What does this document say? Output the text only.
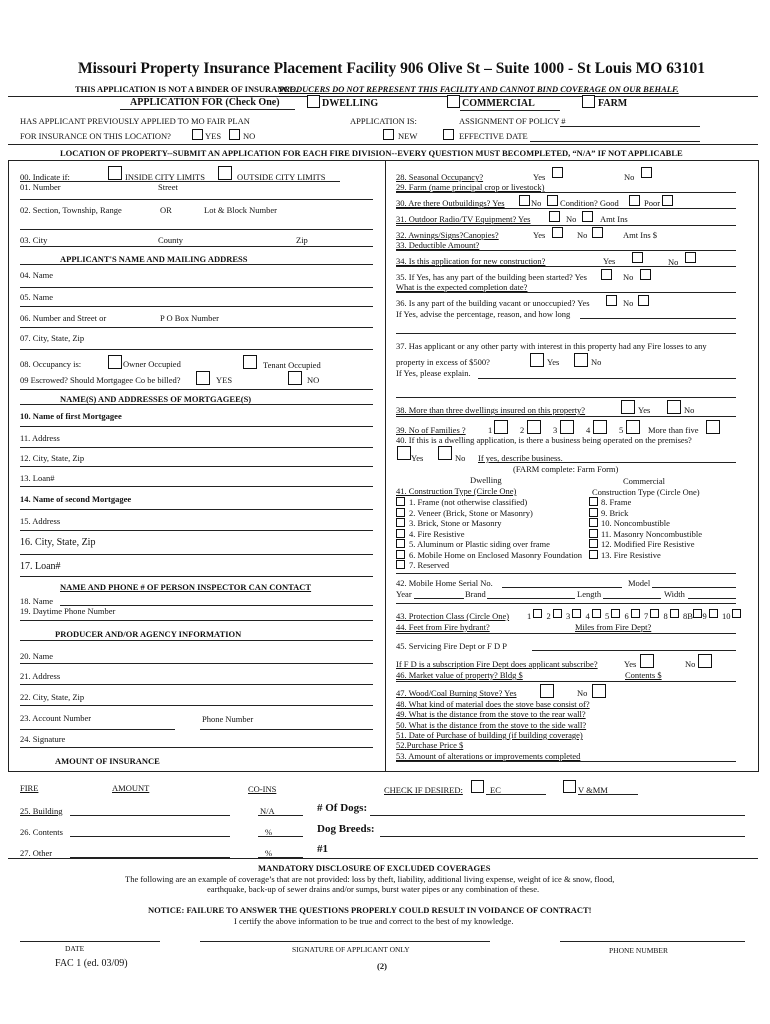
Missouri Property Insurance Placement Facility 906 Olive St – Suite 1000 - St Louis MO 63101
THIS APPLICATION IS NOT A BINDER OF INSURANCE.
PRODUCERS DO NOT REPRESENT THIS FACILITY AND CANNOT BIND COVERAGE ON OUR BEHALF.
APPLICATION FOR (Check One)	DWELLING	COMMERCIAL	FARM
HAS APPLICANT PREVIOUSLY APPLIED TO MO FAIR PLAN	APPLICATION IS:	ASSIGNMENT OF POLICY #
FOR INSURANCE ON THIS LOCATION?	YES	NO	NEW	EFFECTIVE DATE
LOCATION OF PROPERTY--SUBMIT AN APPLICATION FOR EACH FIRE DIVISION--EVERY QUESTION MUST BECOMPLETED, “N/A” IF NOT APPLICABLE
00. Indicate if:	INSIDE CITY LIMITS	OUTSIDE CITY LIMITS
01. Number	Street
02. Section, Township, Range	OR	Lot & Block Number
03. City	County	Zip
APPLICANT'S NAME AND MAILING ADDRESS
04. Name
05. Name
06. Number and Street or	P O Box Number
07. City, State, Zip
08. Occupancy is:	Owner Occupied	Tenant Occupied
09 Escrowed? Should Mortgagee Co be billed?	YES	NO
NAME(S) AND ADDRESSES OF MORTGAGEE(S)
10. Name of first Mortgagee
11. Address
12. City, State, Zip
13. Loan#
14. Name of second Mortgagee
15. Address
16. City, State, Zip
17. Loan#
NAME AND PHONE # OF PERSON INSPECTOR CAN CONTACT
18. Name
19. Daytime Phone Number
PRODUCER AND/OR AGENCY INFORMATION
20. Name
21. Address
22. City, State, Zip
23. Account Number	Phone Number
24. Signature
AMOUNT OF INSURANCE
28. Seasonal Occupancy?	Yes	No
29. Farm (name principal crop or livestock)
30. Are there Outbuildings? Yes	No Condition? Good	Poor
31. Outdoor Radio/TV Equipment? Yes	No	Amt Ins
32. Awnings/Signs?Canopies?	Yes	No	Amt Ins $
33. Deductible Amount?
34. Is this application for new construction?	Yes	No
35. If Yes, has any part of the building been started? Yes	No
What is the expected completion date?
36. Is any part of the building vacant or unoccupied? Yes	No
If Yes, advise the percentage, reason, and how long
37. Has applicant or any other party with interest in this property had any Fire losses to any
property in excess of $500?	Yes	No
If Yes, please explain.
38. More than three dwellings insured on this property?	Yes	No
39. No of Families ?	1	2	3	4	5	More than five
40. If this is a dwelling application, is there a business being operated on the premises?
Yes	No If yes, describe business.
(FARM complete: Farm Form)
Dwelling	Commercial
41. Construction Type (Circle One)	Construction Type (Circle One)
1. Frame (not otherwise classified)
2. Veneer (Brick, Stone or Masonry)
3. Brick, Stone or Masonry
4. Fire Resistive
5. Aluminum or Plastic siding over frame
6. Mobile Home on Enclosed Masonry Foundation
7. Reserved
8. Frame
9. Brick
10. Noncombustible
11. Masonry Noncombustible
12. Modified Fire Resistive
13. Fire Resistive
42. Mobile Home Serial No.	Model
Year	Brand	Length	Width
43. Protection Class (Circle One) 1 2 3 4 5 6 7 8 8B 9 10
44. Feet from Fire hydrant?	Miles from Fire Dept?
45. Servicing Fire Dept or F D P
If F D is a subscription Fire Dept does applicant subscribe?	Yes	No
46. Market value of property? Bldg $	Contents $
47. Wood/Coal Burning Stove? Yes	No
48. What kind of material does the stove base consist of?
49. What is the distance from the stove to the rear wall?
50. What is the distance from the stove to the side wall?
51. Date of Purchase of building (if building coverage)
52.Purchase Price $
53. Amount of alterations or improvements completed
FIRE	AMOUNT	CO-INS	CHECK IF DESIRED:	EC	V &MM
25. Building	N/A	# Of Dogs:
26. Contents	%	Dog Breeds:
27. Other	%	#1
MANDATORY DISCLOSURE OF EXCLUDED COVERAGES
The following are an example of coverage’s that are not provided: loss by theft, liability, additional living expense, weight of ice & snow, flood,
earthquake, back-up of sewer drains and/or sumps, burst water pipes or any combination of these.
NOTICE: FAILURE TO ANSWER THE QUESTIONS PROPERLY COULD RESULT IN VOIDANCE OF CONTRACT!
I certify the above information to be true and correct to the best of my knowledge.
DATE	SIGNATURE OF APPLICANT ONLY	PHONE NUMBER
FAC 1 (ed. 03/09)	(2)
